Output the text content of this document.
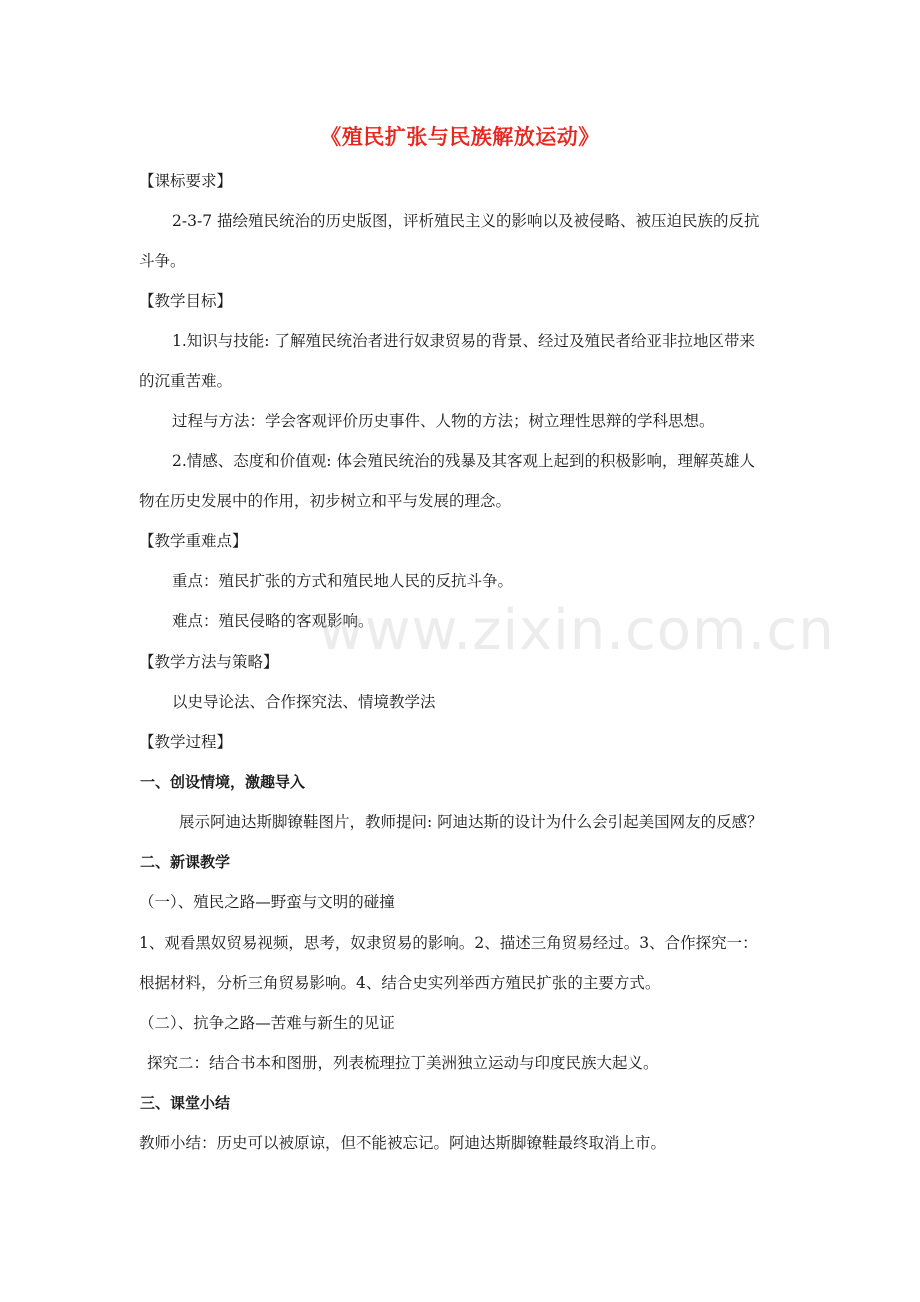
《殖民扩张与民族解放运动》
【课标要求】
2-3-7 描绘殖民统治的历史版图，评析殖民主义的影响以及被侵略、被压迫民族的反抗
斗争。
【教学目标】
1.知识与技能: 了解殖民统治者进行奴隶贸易的背景、经过及殖民者给亚非拉地区带来
的沉重苦难。
过程与方法：学会客观评价历史事件、人物的方法；树立理性思辩的学科思想。
2.情感、态度和价值观: 体会殖民统治的残暴及其客观上起到的积极影响，理解英雄人
物在历史发展中的作用，初步树立和平与发展的理念。
【教学重难点】
重点：殖民扩张的方式和殖民地人民的反抗斗争。
难点：殖民侵略的客观影响。
【教学方法与策略】
以史导论法、合作探究法、情境教学法
【教学过程】
一、创设情境，激趣导入
展示阿迪达斯脚镣鞋图片，教师提问: 阿迪达斯的设计为什么会引起美国网友的反感？
二、新课教学
（一）、殖民之路—野蛮与文明的碰撞
1、观看黑奴贸易视频，思考，奴隶贸易的影响。2、描述三角贸易经过。3、合作探究一：
根据材料，分析三角贸易影响。4、结合史实列举西方殖民扩张的主要方式。
（二）、抗争之路—苦难与新生的见证
探究二：结合书本和图册，列表梳理拉丁美洲独立运动与印度民族大起义。
三、课堂小结
教师小结：历史可以被原谅，但不能被忘记。阿迪达斯脚镣鞋最终取消上市。
www.zixin.com.cn
